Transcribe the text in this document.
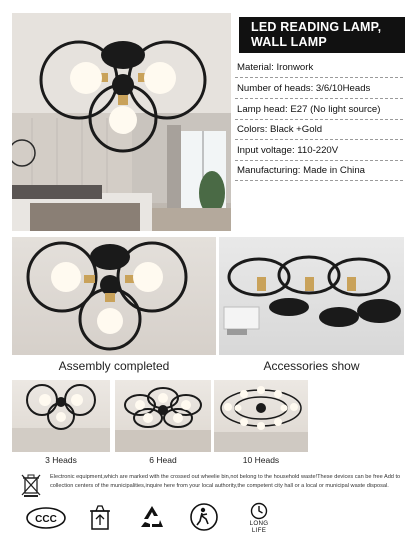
LED READING LAMP,
WALL LAMP
Material: Ironwork
Number of heads: 3/6/10Heads
Lamp head: E27 (No light source)
Colors: Black +Gold
Input voltage: 110-220V
Manufacturing: Made in China
Assembly completed	Accessories show
3 Heads	6 Head	10 Heads
Electronic equipment,which are marked with the crossed out wheelie bin,not belong to the household waste!These devices can be free Add to collection centers of the municipalities,inquire here from your local authority,the competent city hall or a local or municipal waste disposal.
CCC	LONG LIFE
